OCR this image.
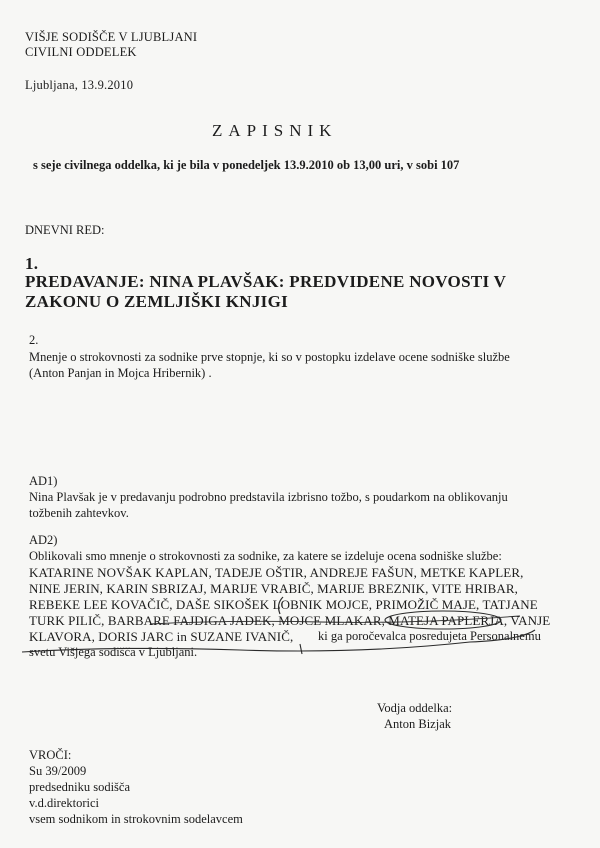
VIŠJE SODIŠČE V LJUBLJANI
CIVILNI ODDELEK
Ljubljana, 13.9.2010
ZAPISNIK
s seje civilnega oddelka, ki je bila v ponedeljek 13.9.2010 ob 13,00 uri, v sobi 107
DNEVNI RED:
1.
PREDAVANJE: NINA PLAVŠAK: PREDVIDENE NOVOSTI V
ZAKONU O ZEMLJIŠKI KNJIGI
2.
Mnenje o strokovnosti za sodnike prve stopnje, ki so v postopku izdelave ocene sodniške službe
(Anton Panjan in Mojca Hribernik) .
AD1)
Nina Plavšak je v predavanju podrobno predstavila izbrisno tožbo, s poudarkom na oblikovanju
tožbenih zahtevkov.
AD2)
Oblikovali smo mnenje o strokovnosti za sodnike, za katere se izdeluje ocena sodniške službe:
KATARINE NOVŠAK KAPLAN, TADEJE OŠTIR, ANDREJE FAŠUN, METKE KAPLER,
NINE JERIN, KARIN SBRIZAJ, MARIJE VRABIČ, MARIJE BREZNIK, VITE HRIBAR,
REBEKE LEE KOVAČIČ, DAŠE SIKOŠEK LOBNIK MOJCE, PRIMOŽIČ MAJE, TATJANE
TURK PILIČ, BARBARE FAJDIGA JADEK, MOJCE MLAKAR, MATEJA PAPLERJA, VANJE
KLAVORA, DORIS JARC in SUZANE IVANIČ, ki ga poročevalca posredujeta Personalnemu
svetu Višjega sodišča v Ljubljani.
Vodja oddelka:
Anton Bizjak
VROČI:
Su 39/2009
predsedniku sodišča
v.d.direktorici
vsem sodnikom in strokovnim sodelavcem
